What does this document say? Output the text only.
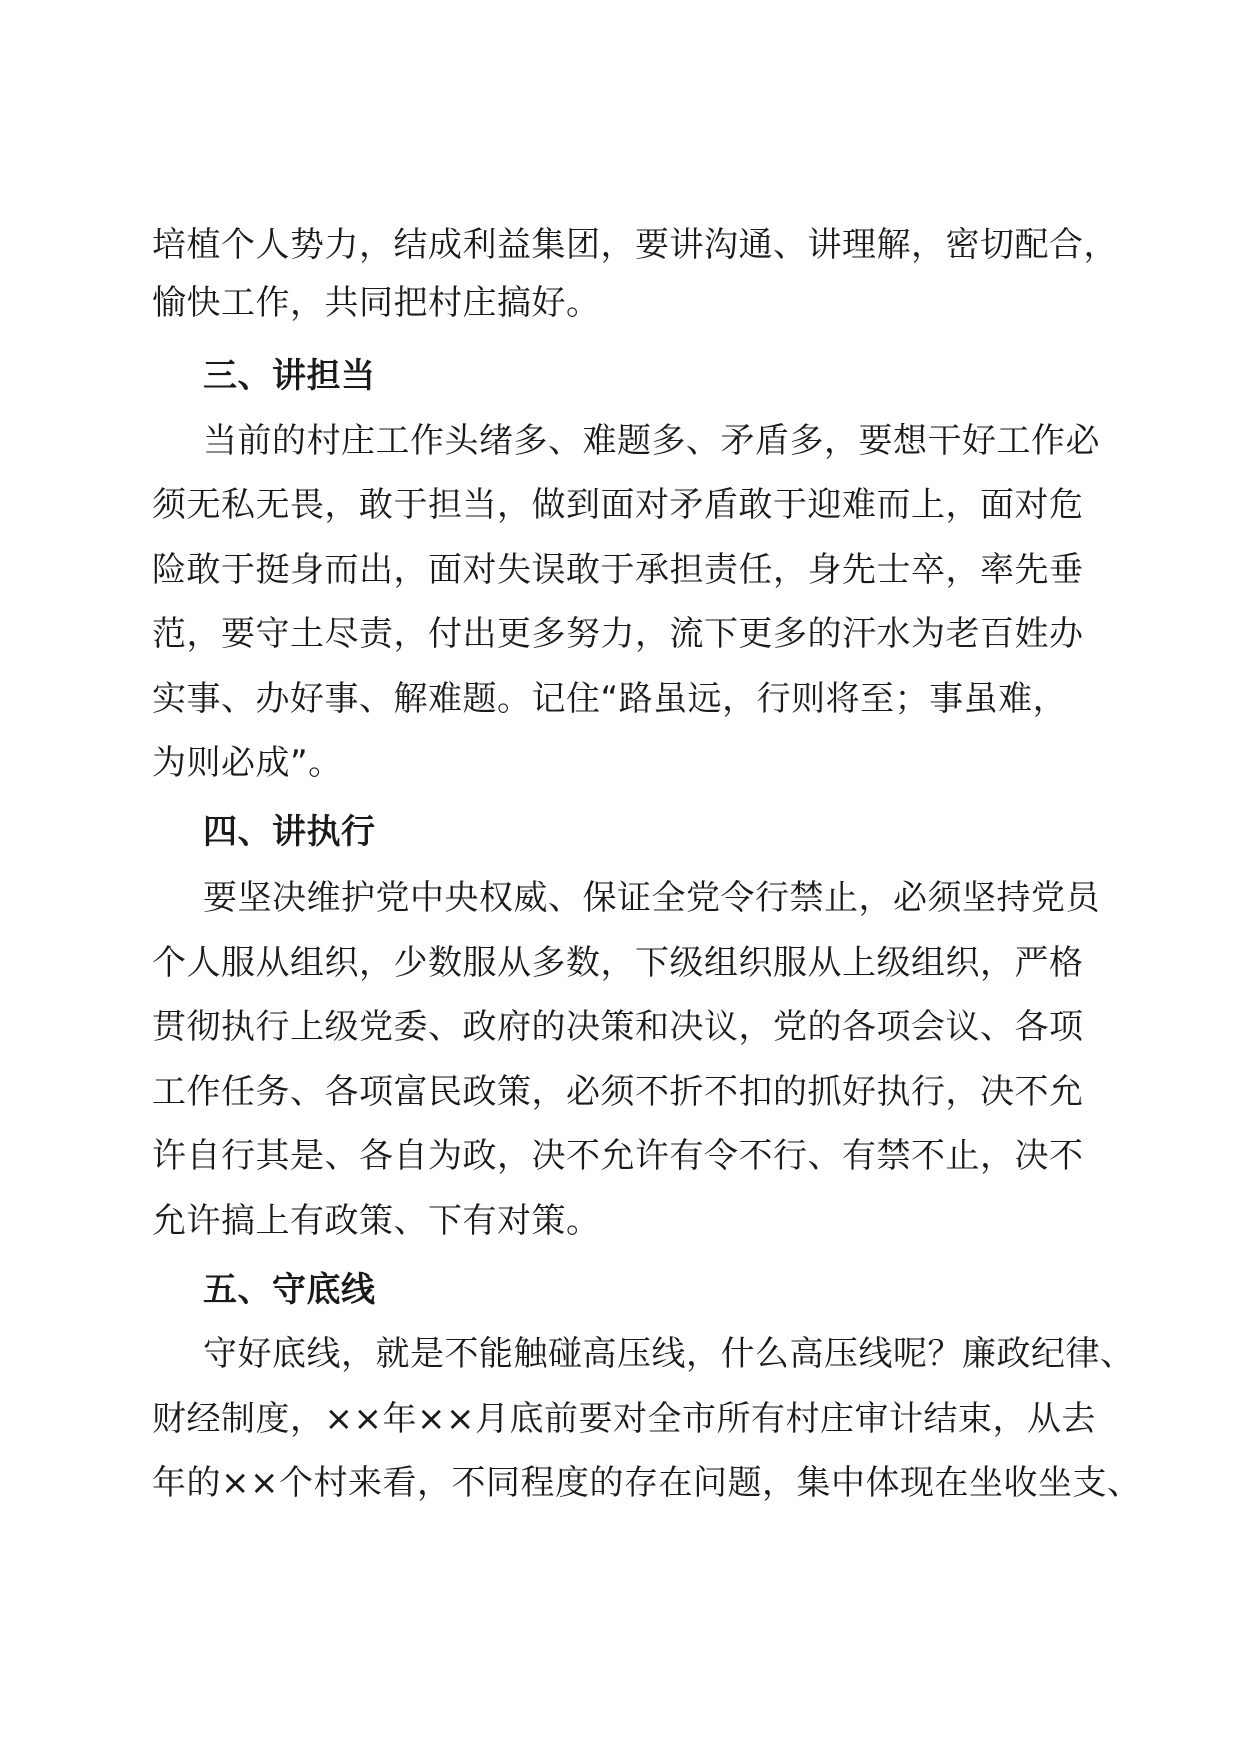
培植个人势力，结成利益集团，要讲沟通、讲理解，密切配合，
愉快工作，共同把村庄搞好。
三、讲担当
当前的村庄工作头绪多、难题多、矛盾多，要想干好工作必
须无私无畏，敢于担当，做到面对矛盾敢于迎难而上，面对危
险敢于挺身而出，面对失误敢于承担责任，身先士卒，率先垂
范，要守土尽责，付出更多努力，流下更多的汗水为老百姓办
实事、办好事、解难题。记住“路虽远，行则将至；事虽难，
为则必成”。
四、讲执行
要坚决维护党中央权威、保证全党令行禁止，必须坚持党员
个人服从组织，少数服从多数，下级组织服从上级组织，严格
贯彻执行上级党委、政府的决策和决议，党的各项会议、各项
工作任务、各项富民政策，必须不折不扣的抓好执行，决不允
许自行其是、各自为政，决不允许有令不行、有禁不止，决不
允许搞上有政策、下有对策。
五、守底线
守好底线，就是不能触碰高压线，什么高压线呢？廉政纪律、
财经制度，××年××月底前要对全市所有村庄审计结束，从去
年的××个村来看，不同程度的存在问题，集中体现在坐收坐支、
